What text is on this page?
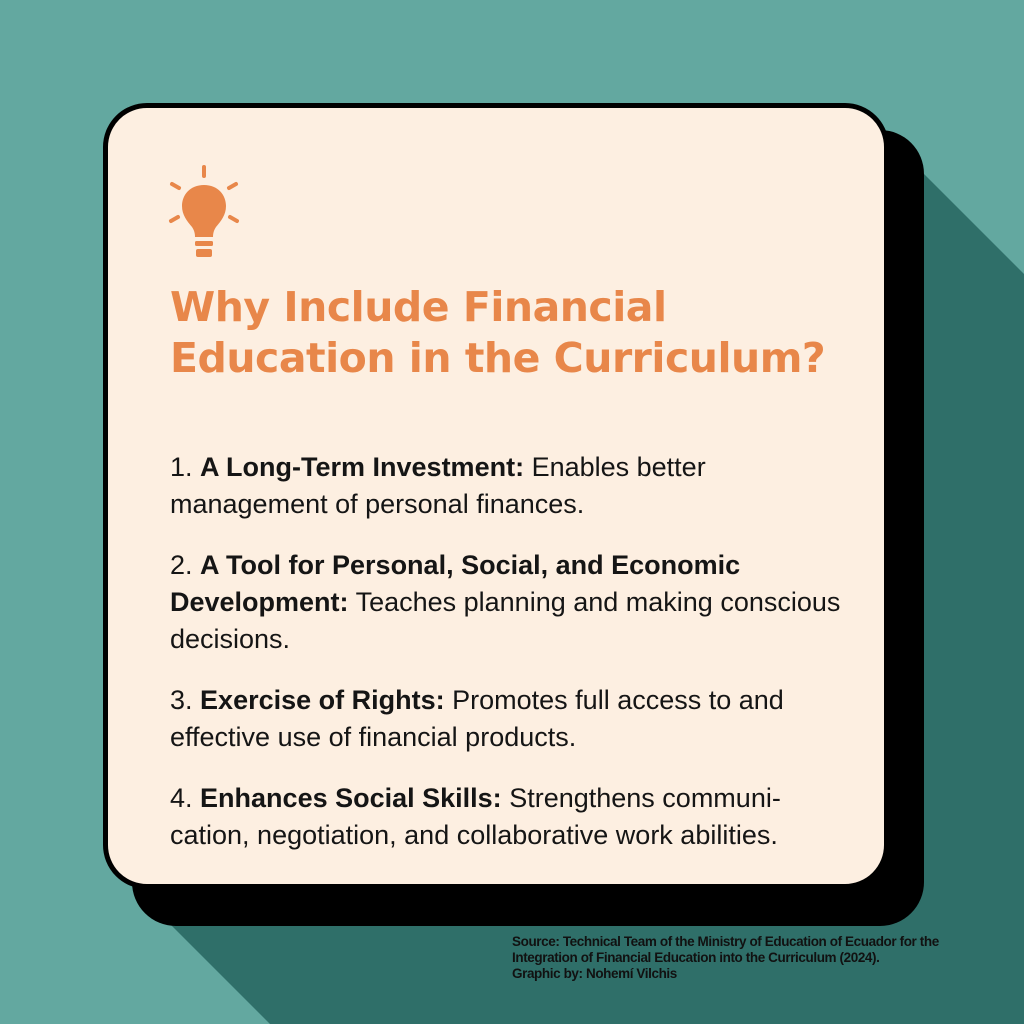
Why Include Financial Education in the Curriculum?
1. A Long-Term Investment: Enables better management of personal finances.
2. A Tool for Personal, Social, and Economic Development: Teaches planning and making conscious decisions.
3. Exercise of Rights: Promotes full access to and effective use of financial products.
4. Enhances Social Skills: Strengthens communi-cation, negotiation, and collaborative work abilities.
Source: Technical Team of the Ministry of Education of Ecuador for the Integration of Financial Education into the Curriculum (2024).
Graphic by: Nohemí Vilchis
